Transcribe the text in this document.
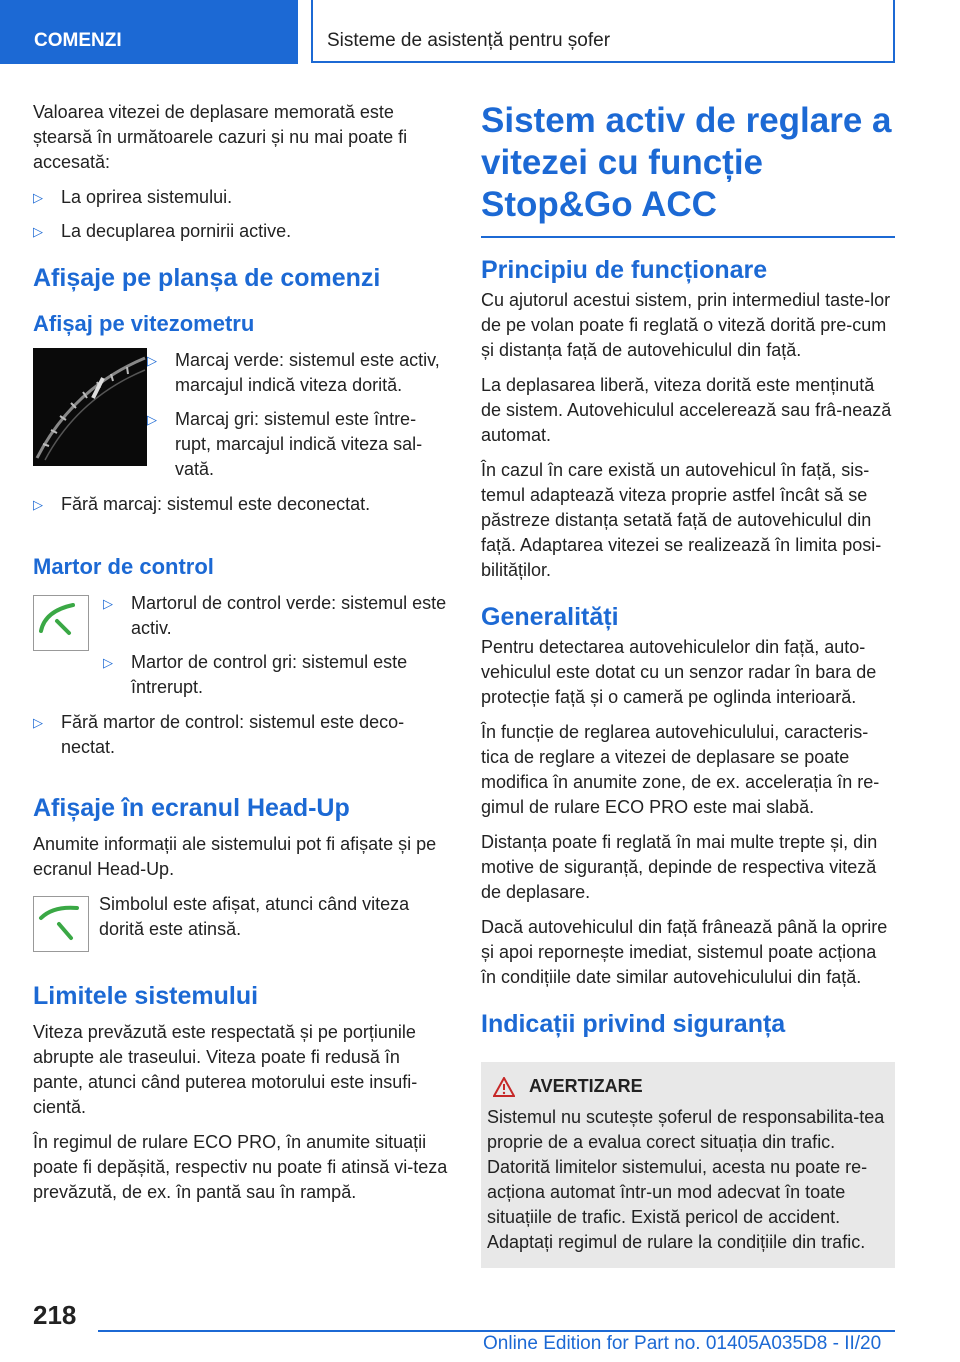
COMENZI	Sisteme de asistență pentru șofer

Valoarea vitezei de deplasare memorată este ștearsă în următoarele cazuri și nu mai poate fi accesată:

▷ La oprirea sistemului.
▷ La decuplarea pornirii active.
Afișaje pe planșa de comenzi
Afișaj pe vitezometru
▷ Marcaj verde: sistemul este activ, marcajul indică viteza dorită.
▷ Marcaj gri: sistemul este între-rupt, marcajul indică viteza sal-vată.
▷ Fără marcaj: sistemul este deconectat.
Martor de control
▷ Martorul de control verde: sistemul este activ.
▷ Martor de control gri: sistemul este întrerupt.
▷ Fără martor de control: sistemul este deco-nectat.
Afișaje în ecranul Head-Up

Anumite informații ale sistemului pot fi afișate și pe ecranul Head-Up.

Simbolul este afișat, atunci când viteza dorită este atinsă.

Limitele sistemului

Viteza prevăzută este respectată și pe porțiunile abrupte ale traseului. Viteza poate fi redusă în pante, atunci când puterea motorului este insufi-cientă.

În regimul de rulare ECO PRO, în anumite situații poate fi depășită, respectiv nu poate fi atinsă vi-teza prevăzută, de ex. în pantă sau în rampă.

Sistem activ de reglare a vitezei cu funcție Stop&Go ACC
Principiu de funcționare

Cu ajutorul acestui sistem, prin intermediul taste-lor de pe volan poate fi reglată o viteză dorită pre-cum și distanța față de autovehiculul din față.

La deplasarea liberă, viteza dorită este menținută de sistem. Autovehiculul accelerează sau frâ-nează automat.

În cazul în care există un autovehicul în față, sis-temul adaptează viteza proprie astfel încât să se păstreze distanța setată față de autovehiculul din față. Adaptarea vitezei se realizează în limita posi-bilităților.

Generalități

Pentru detectarea autovehiculelor din față, auto-vehiculul este dotat cu un senzor radar în bara de protecție față și o cameră pe oglinda interioară.

În funcție de reglarea autovehiculului, caracteris-tica de reglare a vitezei de deplasare se poate modifica în anumite zone, de ex. accelerația în re-gimul de rulare ECO PRO este mai slabă.

Distanța poate fi reglată în mai multe trepte și, din motive de siguranță, depinde de respectiva viteză de deplasare.

Dacă autovehiculul din față frânează până la oprire și apoi repornește imediat, sistemul poate acționa în condițiile date similar autovehiculului din față.

Indicații privind siguranța
AVERTIZARE

Sistemul nu scutește șoferul de responsabilita-tea proprie de a evalua corect situația din trafic. Datorită limitelor sistemului, acesta nu poate re-acționa automat într-un mod adecvat în toate situațiile de trafic. Există pericol de accident. Adaptați regimul de rulare la condițiile din trafic.

218
Online Edition for Part no. 01405A035D8 - II/20
